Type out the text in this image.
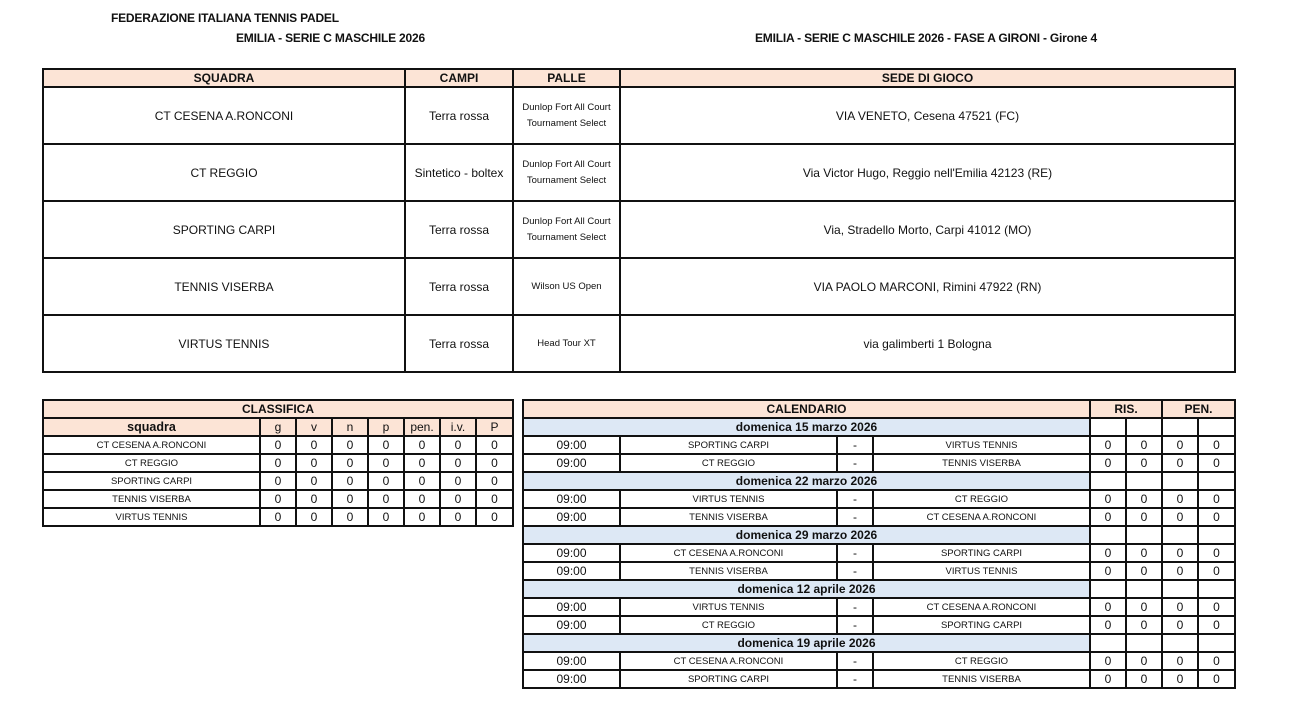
FEDERAZIONE ITALIANA TENNIS PADEL
EMILIA - SERIE C MASCHILE 2026	EMILIA - SERIE C MASCHILE 2026 - FASE A GIRONI - Girone 4
SQUADRA	CAMPI	PALLE	SEDE DI GIOCO
CT CESENA A.RONCONI	Terra rossa	Dunlop Fort All Court Tournament Select	VIA VENETO, Cesena 47521 (FC)
CT REGGIO	Sintetico - boltex	Dunlop Fort All Court Tournament Select	Via Victor Hugo, Reggio nell'Emilia 42123 (RE)
SPORTING CARPI	Terra rossa	Dunlop Fort All Court Tournament Select	Via, Stradello Morto, Carpi 41012 (MO)
TENNIS VISERBA	Terra rossa	Wilson US Open	VIA PAOLO MARCONI, Rimini 47922 (RN)
VIRTUS TENNIS	Terra rossa	Head Tour XT	via galimberti 1 Bologna
CLASSIFICA							
squadra	g	v	n	p	pen.	i.v.	P
CT CESENA A.RONCONI	0	0	0	0	0	0	0
CT REGGIO	0	0	0	0	0	0	0
SPORTING CARPI	0	0	0	0	0	0	0
TENNIS VISERBA	0	0	0	0	0	0	0
VIRTUS TENNIS	0	0	0	0	0	0	0
CALENDARIO				RIS.		PEN.	
domenica 15 marzo 2026							
09:00	SPORTING CARPI	-	VIRTUS TENNIS	0	0	0	0
09:00	CT REGGIO	-	TENNIS VISERBA	0	0	0	0
domenica 22 marzo 2026							
09:00	VIRTUS TENNIS	-	CT REGGIO	0	0	0	0
09:00	TENNIS VISERBA	-	CT CESENA A.RONCONI	0	0	0	0
domenica 29 marzo 2026							
09:00	CT CESENA A.RONCONI	-	SPORTING CARPI	0	0	0	0
09:00	TENNIS VISERBA	-	VIRTUS TENNIS	0	0	0	0
domenica 12 aprile 2026							
09:00	VIRTUS TENNIS	-	CT CESENA A.RONCONI	0	0	0	0
09:00	CT REGGIO	-	SPORTING CARPI	0	0	0	0
domenica 19 aprile 2026							
09:00	CT CESENA A.RONCONI	-	CT REGGIO	0	0	0	0
09:00	SPORTING CARPI	-	TENNIS VISERBA	0	0	0	0
